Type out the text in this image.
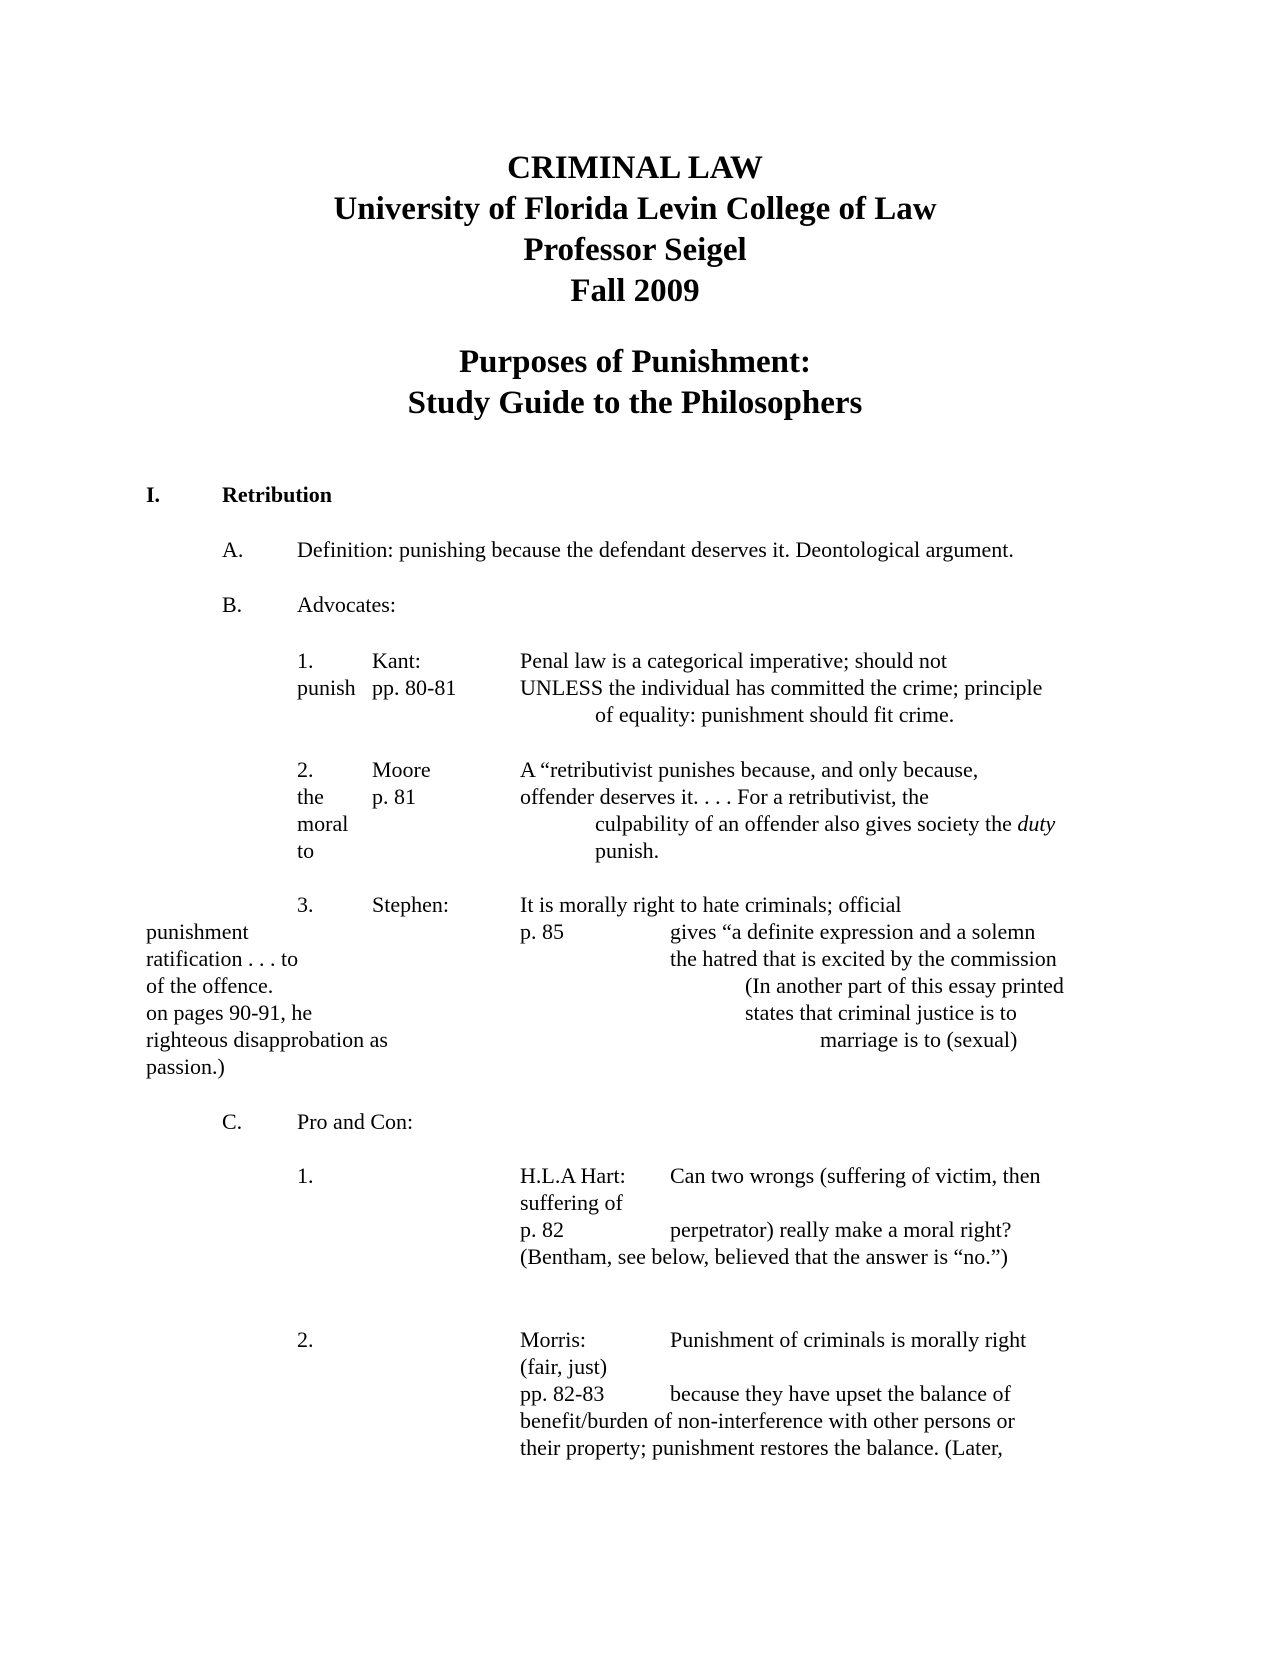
CRIMINAL LAW
University of Florida Levin College of Law
Professor Seigel
Fall 2009
Purposes of Punishment:
Study Guide to the Philosophers
I.	Retribution
A. Definition: punishing because the defendant deserves it. Deontological argument.
B. Advocates:
1.	Kant:	Penal law is a categorical imperative; should not
punish pp. 80-81	UNLESS the individual has committed the crime; principle
of equality: punishment should fit crime.
2.	Moore	A “retributivist punishes because, and only because,
the p. 81	offender deserves it. . . . For a retributivist, the
moral	culpability of an offender also gives society the duty
to	punish.
3.	Stephen:	It is morally right to hate criminals; official
punishment	p. 85	gives “a definite expression and a solemn
ratification . . . to	the hatred that is excited by the commission
of the offence.	(In another part of this essay printed
on pages 90-91, he	states that criminal justice is to
righteous disapprobation as	marriage is to (sexual)
passion.)
C. Pro and Con:
1.	H.L.A Hart: Can two wrongs (suffering of victim, then
suffering of
p. 82	perpetrator) really make a moral right?
(Bentham, see below, believed that the answer is “no.”)
2.	Morris:	Punishment of criminals is morally right
(fair, just)
pp. 82-83	because they have upset the balance of
benefit/burden of non-interference with other persons or
their property; punishment restores the balance. (Later,
